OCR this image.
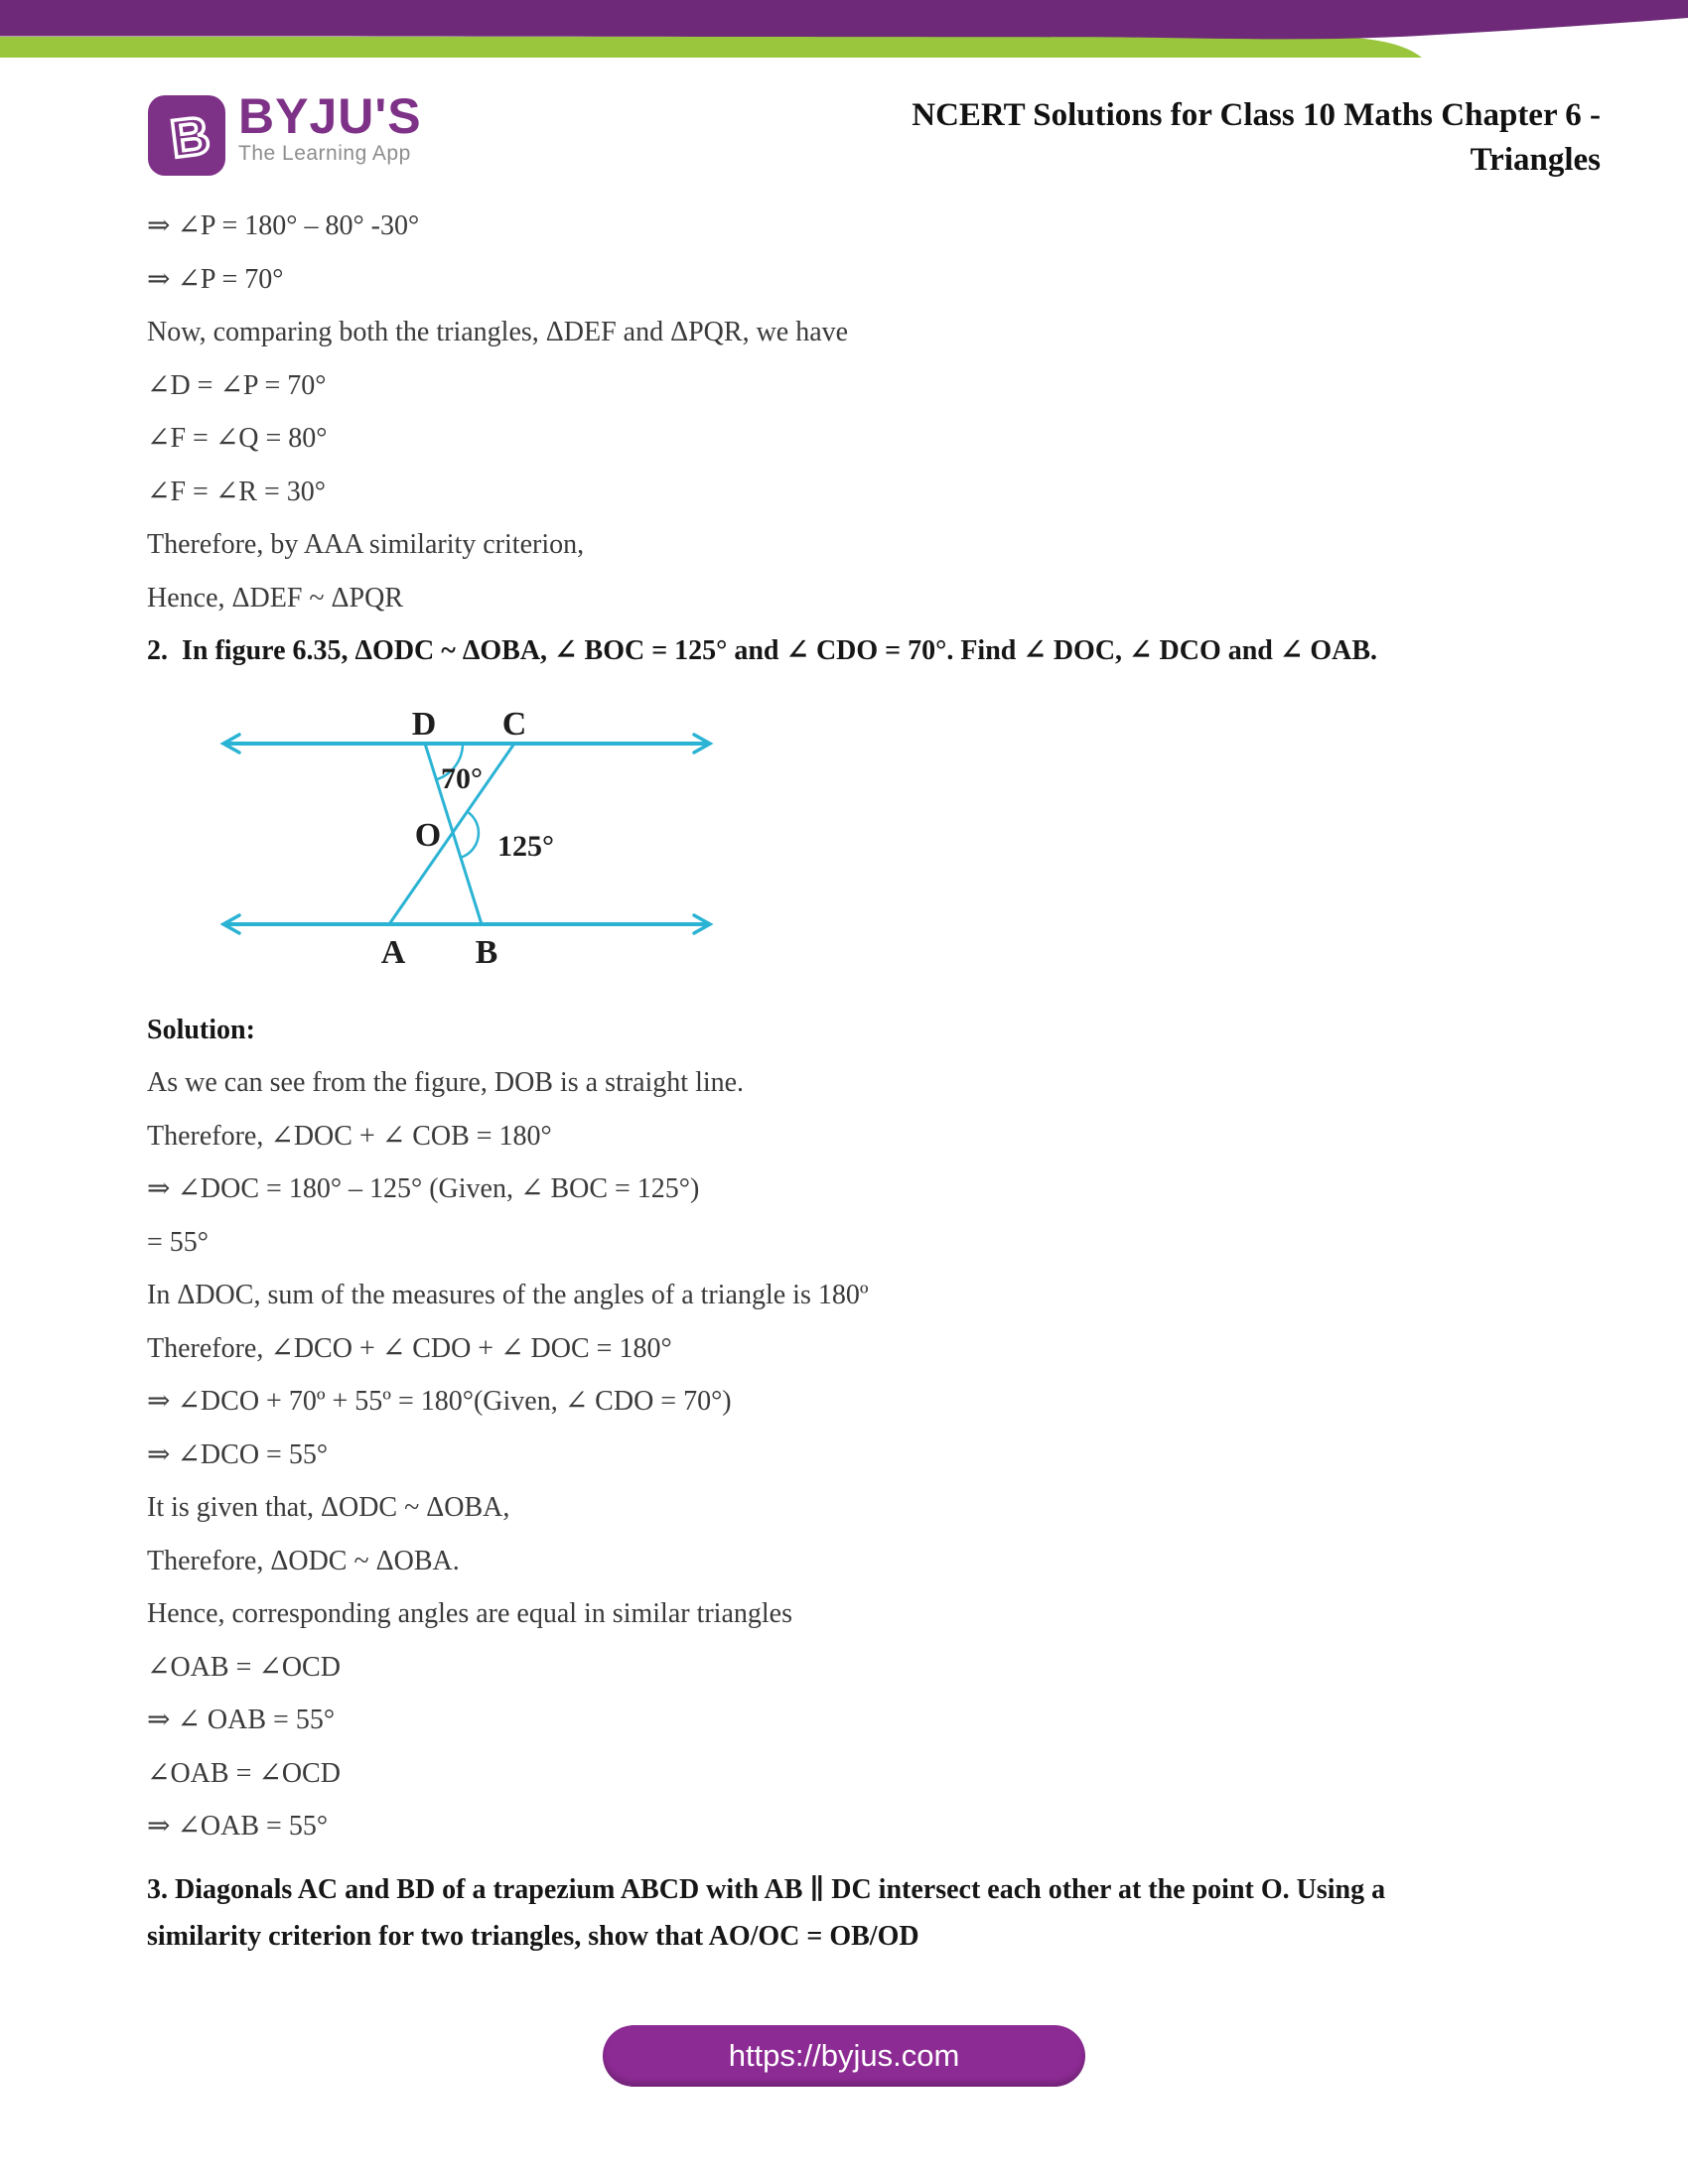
B BYJU'S
The Learning App
NCERT Solutions for Class 10 Maths Chapter 6 -
Triangles

⇒ ∠P = 180° – 80° -30°

⇒ ∠P = 70°

Now, comparing both the triangles, ΔDEF and ΔPQR, we have

∠D = ∠P = 70°

∠F = ∠Q = 80°

∠F = ∠R = 30°

Therefore, by AAA similarity criterion,

Hence, ΔDEF ~ ΔPQR

2.  In figure 6.35, ΔODC ~ ΔOBA, ∠ BOC = 125° and ∠ CDO = 70°. Find ∠ DOC, ∠ DCO and ∠ OAB.

D C
O
A B
70°
125°

Solution:

As we can see from the figure, DOB is a straight line.

Therefore, ∠DOC + ∠ COB = 180°

⇒ ∠DOC = 180° – 125° (Given, ∠ BOC = 125°)

= 55°

In ΔDOC, sum of the measures of the angles of a triangle is 180º

Therefore, ∠DCO + ∠ CDO + ∠ DOC = 180°

⇒ ∠DCO + 70º + 55º = 180°(Given, ∠ CDO = 70°)

⇒ ∠DCO = 55°

It is given that, ΔODC ~ ΔOBA,

Therefore, ΔODC ~ ΔOBA.

Hence, corresponding angles are equal in similar triangles

∠OAB = ∠OCD

⇒ ∠ OAB = 55°

∠OAB = ∠OCD

⇒ ∠OAB = 55°

3. Diagonals AC and BD of a trapezium ABCD with AB ∥ DC intersect each other at the point O. Using a

similarity criterion for two triangles, show that AO/OC = OB/OD

https://byjus.com
